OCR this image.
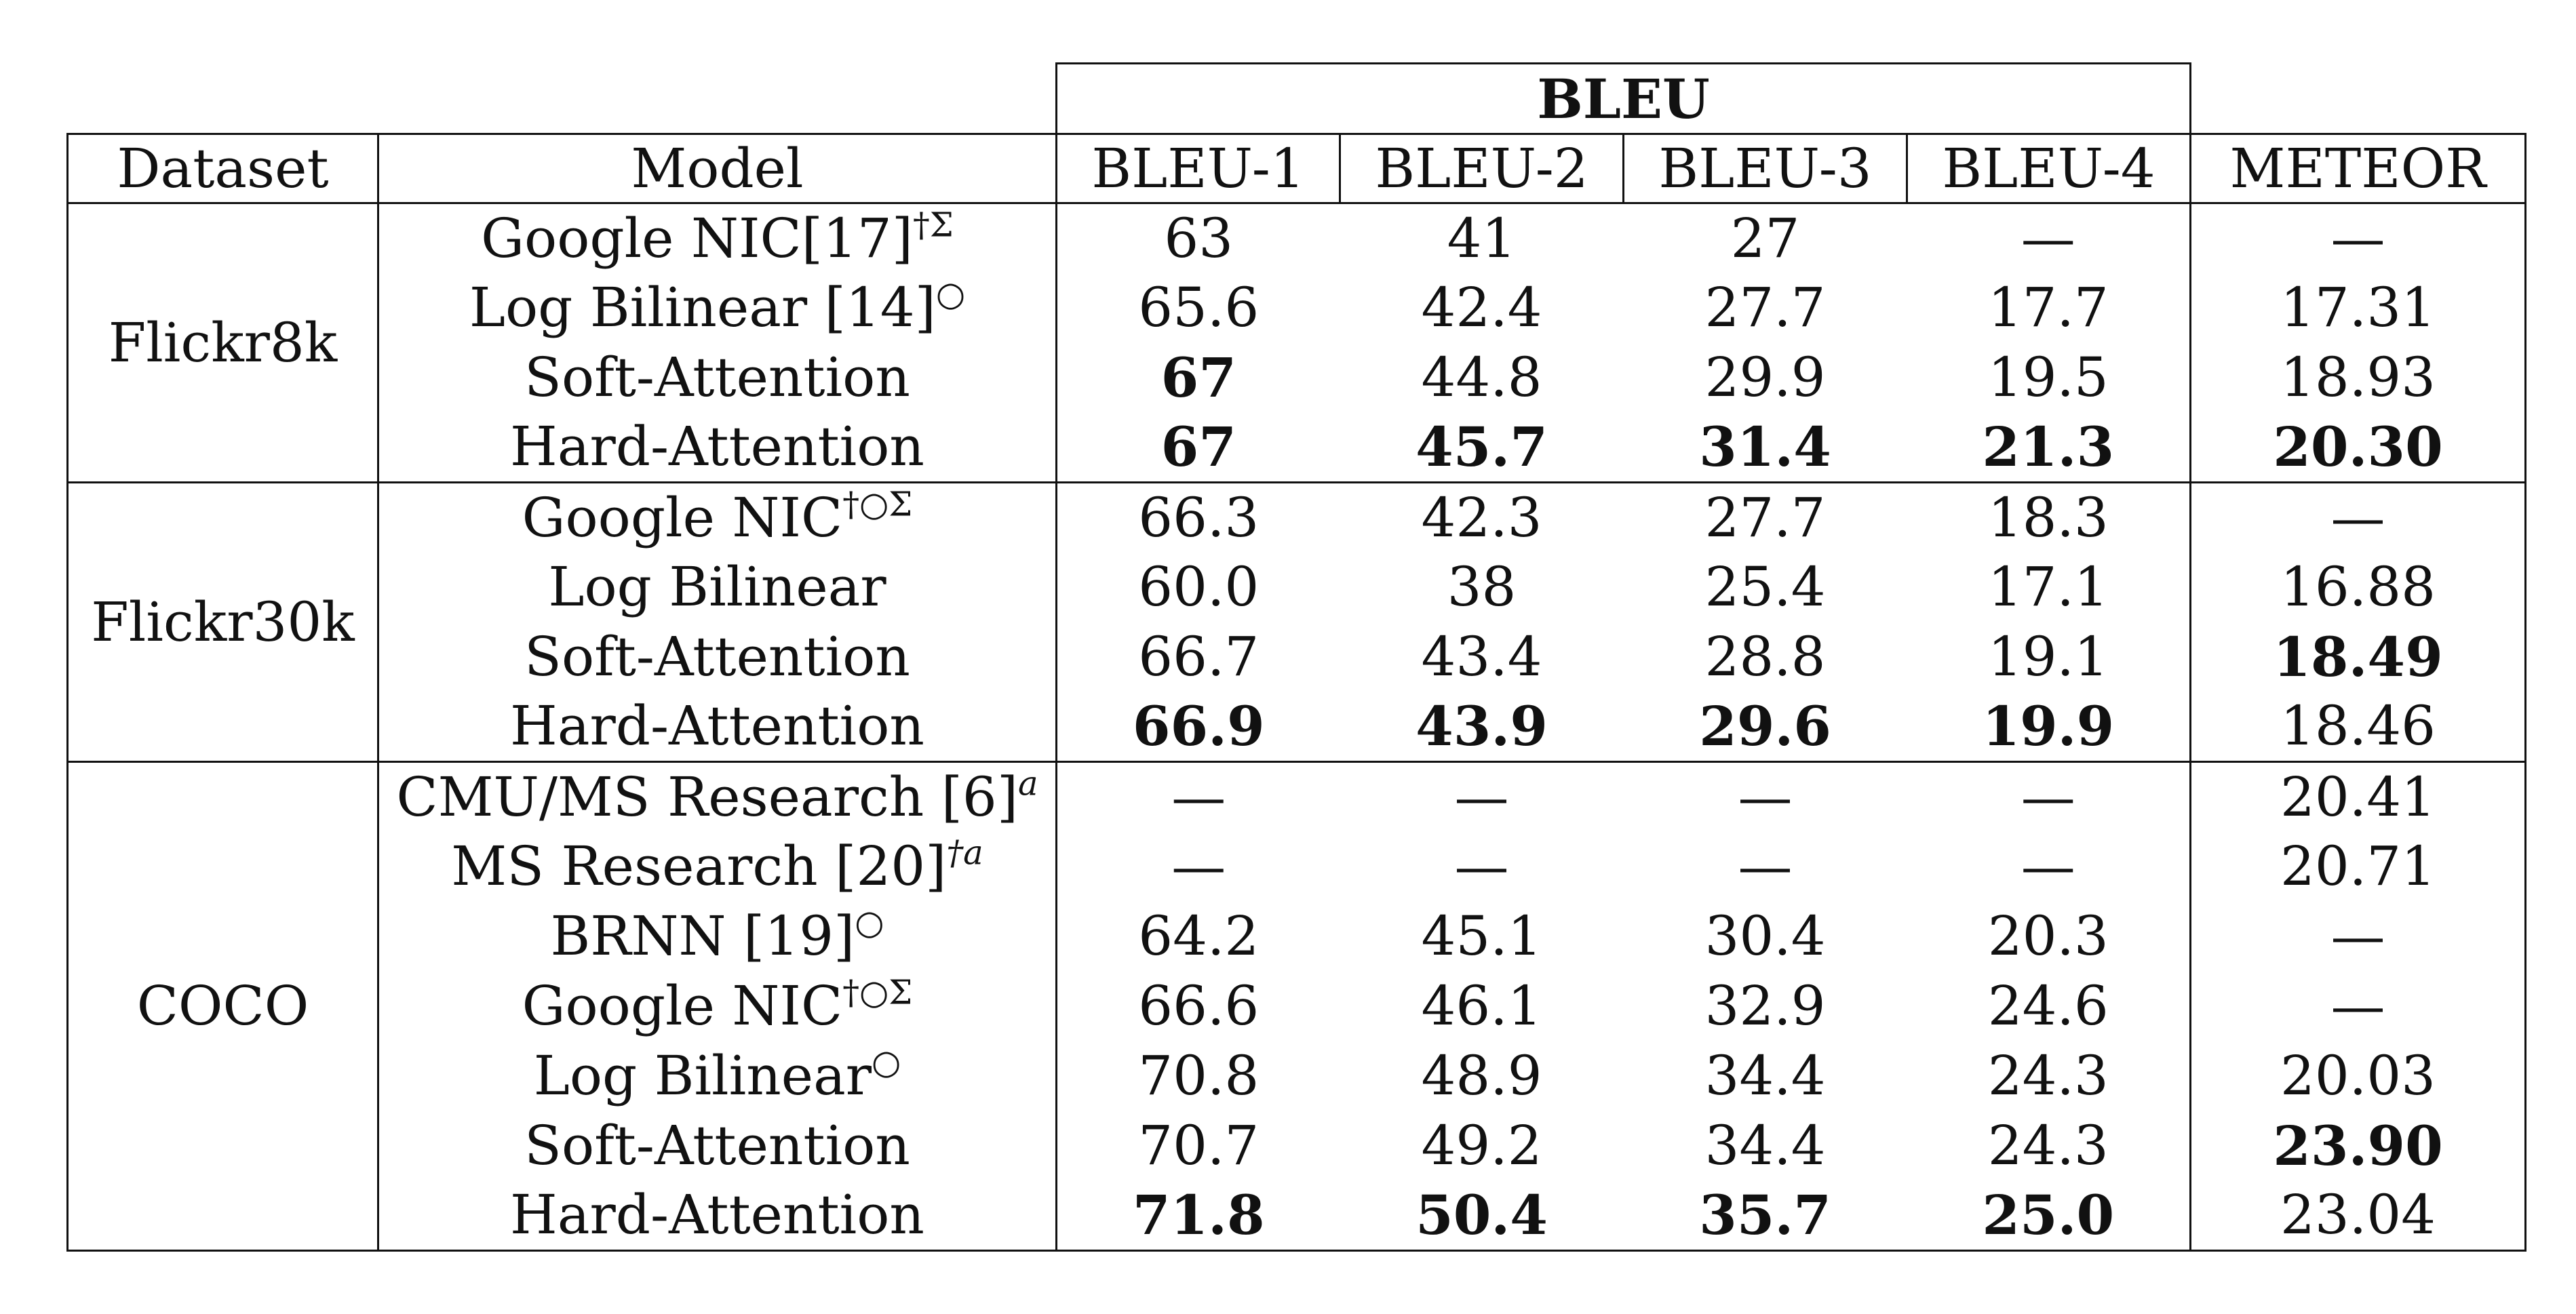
		BLEU				
Dataset	Model	BLEU-1	BLEU-2	BLEU-3	BLEU-4	METEOR
Flickr8k	Google $NIC[17]^{\dagger\Sigma}$	63	41	27	—	—
	Log Bilinear [14]○	65.6	42.4	27.7	17.7	17.31
	Soft-Attention	67	44.8	29.9	19.5	18.93
	Hard-Attention	67	45.7	31.4	21.3	20.30
Flickr30k	Google $NIC^{\dagger○\Sigma}$	66.3	42.3	27.7	18.3	—
	Log Bilinear	60.0	38	25.4	17.1	16.88
	Soft-Attention	66.7	43.4	28.8	19.1	18.49
	Hard-Attention	66.9	43.9	29.6	19.9	18.46
COCO	CMU/MS Research $[6]^a$	—	—	—	—	20.41
	MS Research $[20]^{\dagger a}$	—	—	—	—	20.71
	BRNN [19]○	64.2	45.1	30.4	20.3	—
	Google $NIC^{\dagger○\Sigma}$	66.6	46.1	32.9	24.6	—
	Log Bilinear○	70.8	48.9	34.4	24.3	20.03
	Soft-Attention	70.7	49.2	34.4	24.3	23.90
	Hard-Attention	71.8	50.4	35.7	25.0	23.04
